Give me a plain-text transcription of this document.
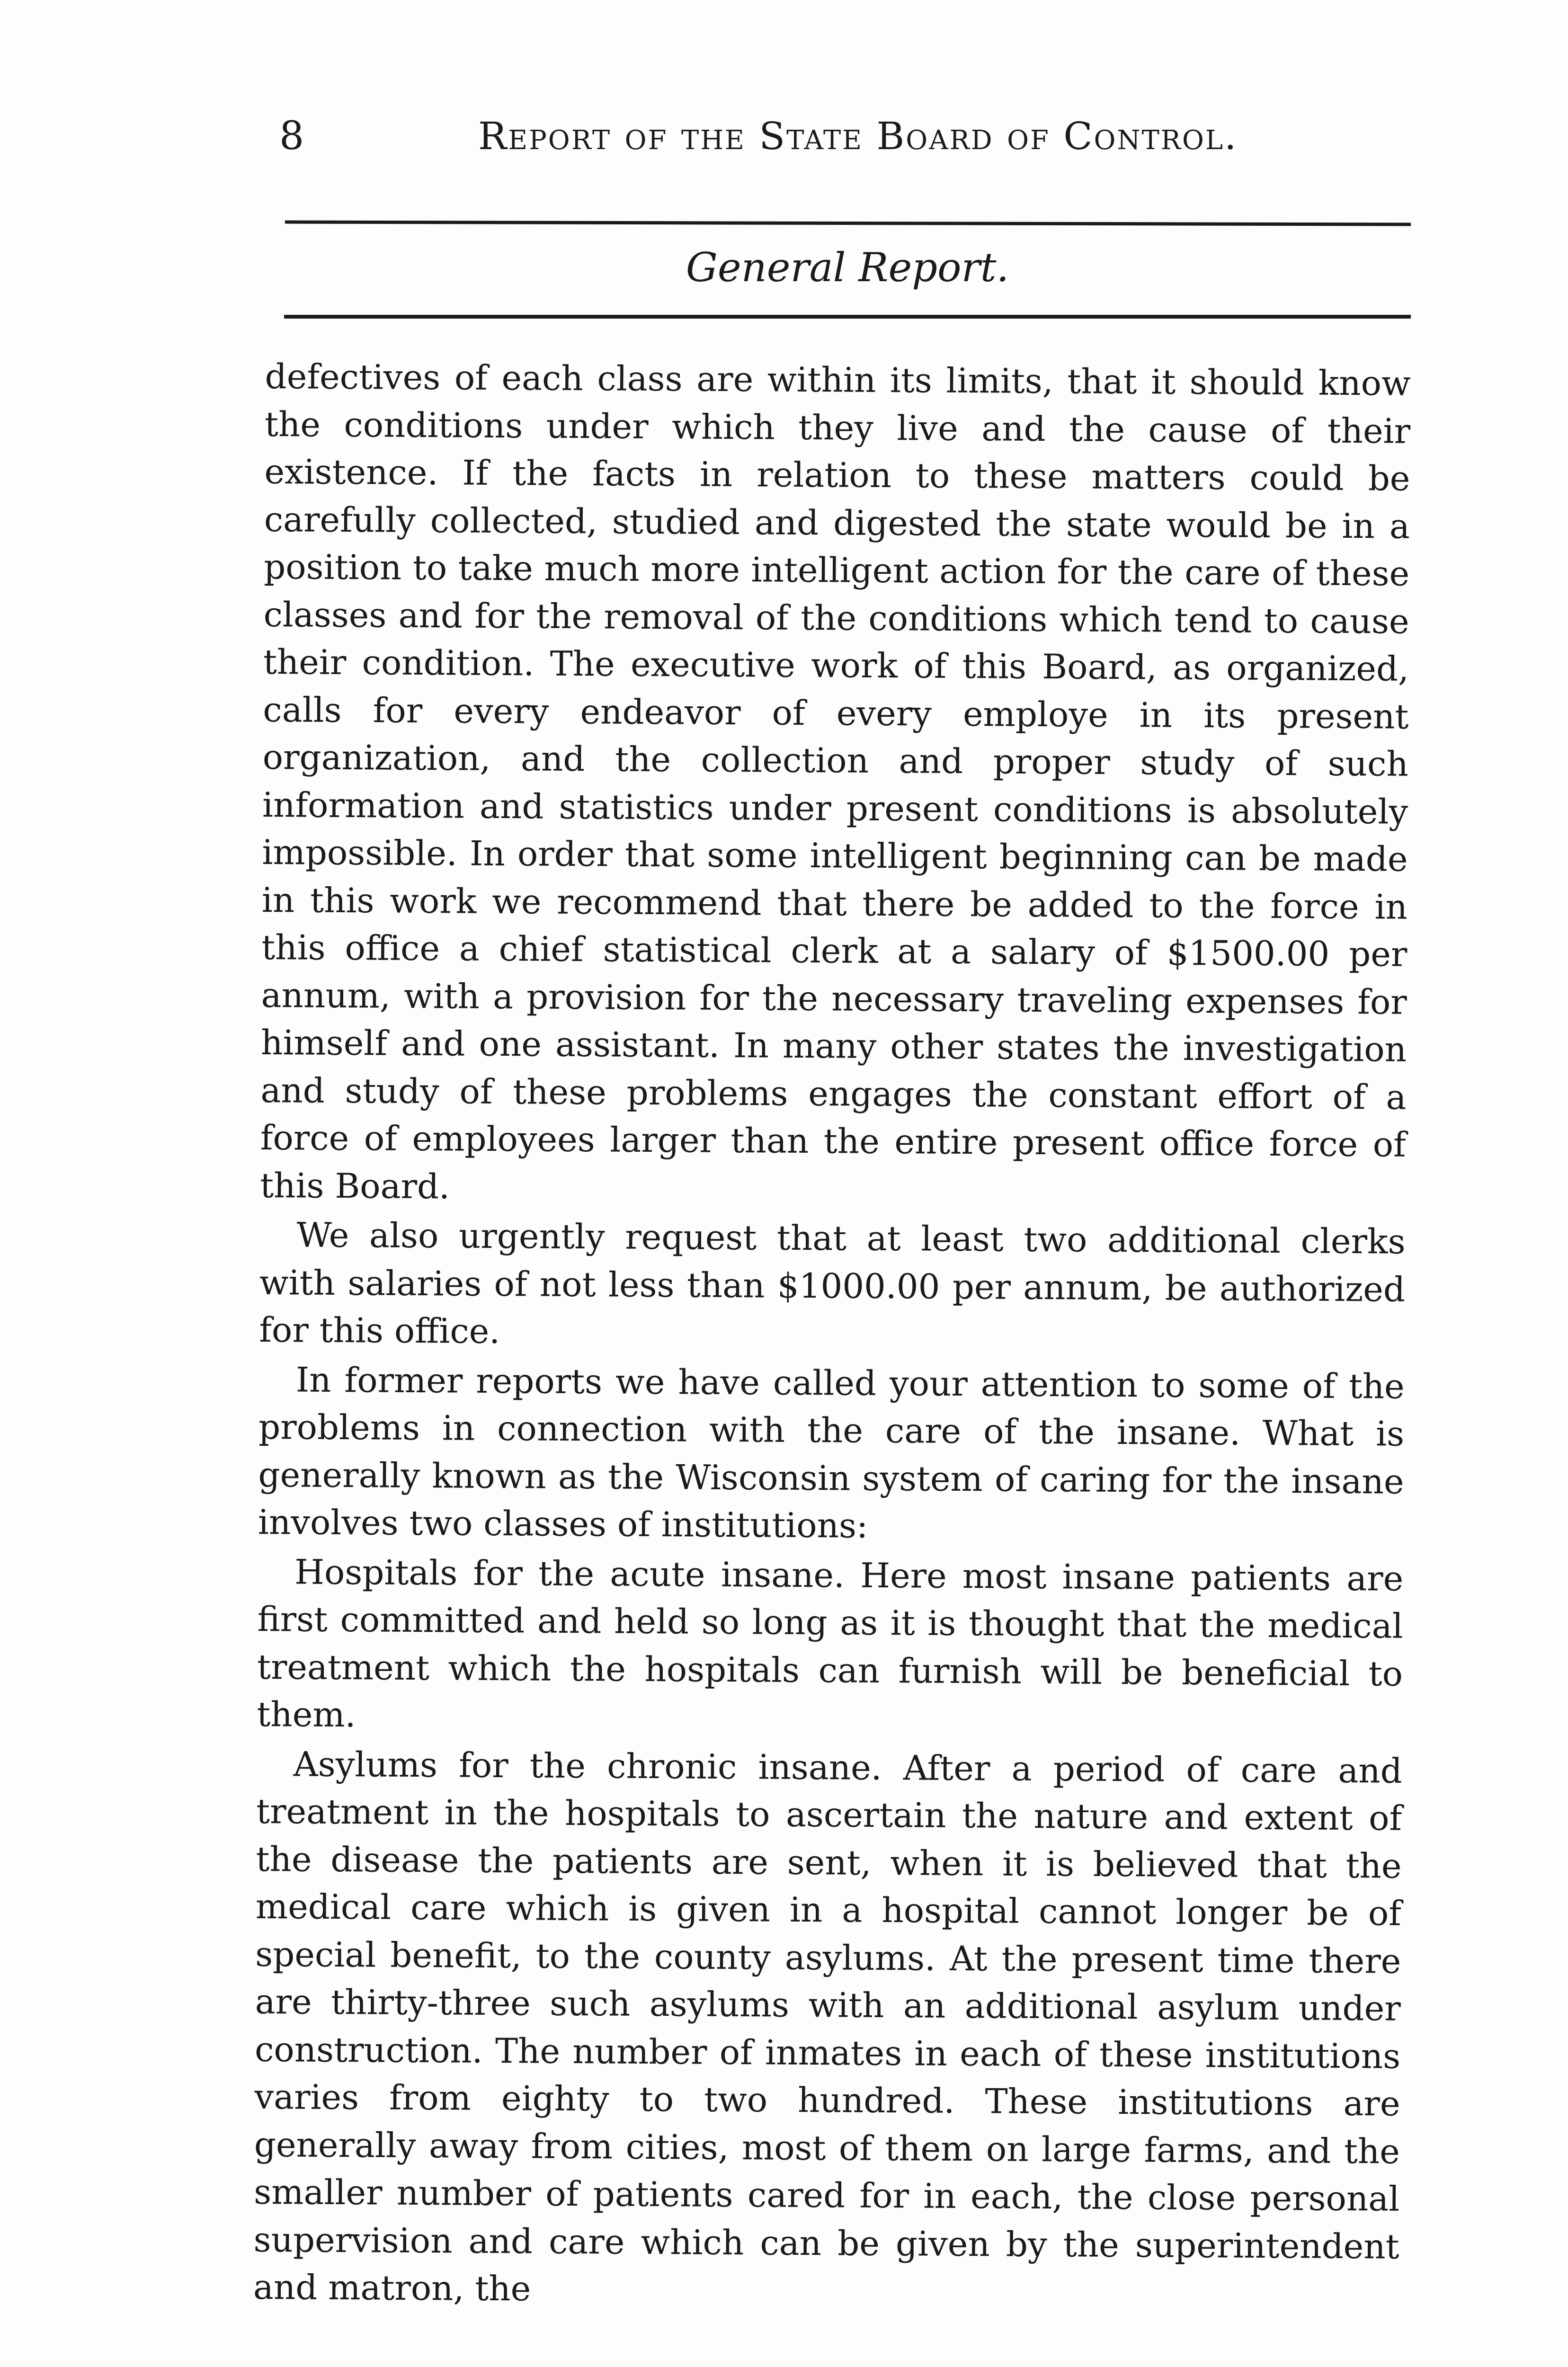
8	Report of the State Board of Control.
General Report.

defectives of each class are within its limits, that it should know the conditions under which they live and the cause of their existence. If the facts in relation to these matters could be carefully collected, studied and digested the state would be in a position to take much more intelligent action for the care of these classes and for the removal of the conditions which tend to cause their condition. The executive work of this Board, as organized, calls for every endeavor of every employe in its present organization, and the collection and proper study of such information and statistics under present conditions is absolutely impossible. In order that some intelligent beginning can be made in this work we recommend that there be added to the force in this office a chief statistical clerk at a salary of $1500.00 per annum, with a provision for the necessary traveling expenses for himself and one assistant. In many other states the investigation and study of these problems engages the constant effort of a force of employees larger than the entire present office force of this Board.

We also urgently request that at least two additional clerks with salaries of not less than $1000.00 per annum, be authorized for this office.

In former reports we have called your attention to some of the problems in connection with the care of the insane. What is generally known as the Wisconsin system of caring for the insane involves two classes of institutions:

Hospitals for the acute insane. Here most insane patients are first committed and held so long as it is thought that the medical treatment which the hospitals can furnish will be beneficial to them.

Asylums for the chronic insane. After a period of care and treatment in the hospitals to ascertain the nature and extent of the disease the patients are sent, when it is believed that the medical care which is given in a hospital cannot longer be of special benefit, to the county asylums. At the present time there are thirty-three such asylums with an additional asylum under construction. The number of inmates in each of these institutions varies from eighty to two hundred. These institutions are generally away from cities, most of them on large farms, and the smaller number of patients cared for in each, the close personal supervision and care which can be given by the superintendent and matron, the
